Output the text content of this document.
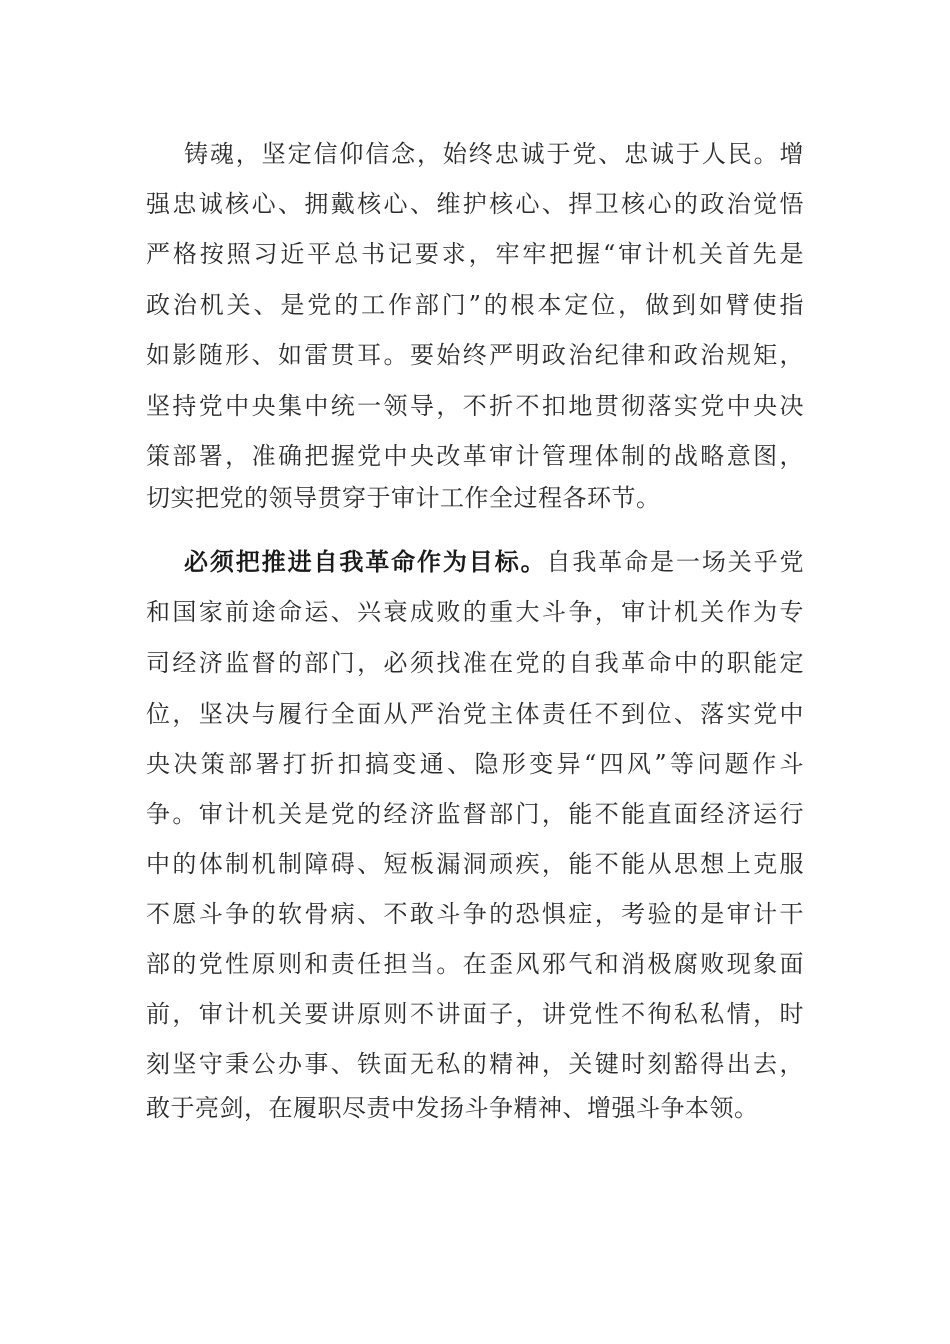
铸魂，坚定信仰信念，始终忠诚于党、忠诚于人民。增
强忠诚核心、拥戴核心、维护核心、捍卫核心的政治觉悟
严格按照习近平总书记要求，牢牢把握“审计机关首先是
政治机关、是党的工作部门”的根本定位，做到如臂使指
如影随形、如雷贯耳。要始终严明政治纪律和政治规矩，
坚持党中央集中统一领导，不折不扣地贯彻落实党中央决
策部署，准确把握党中央改革审计管理体制的战略意图，
切实把党的领导贯穿于审计工作全过程各环节。
必须把推进自我革命作为目标。自我革命是一场关乎党
和国家前途命运、兴衰成败的重大斗争，审计机关作为专
司经济监督的部门，必须找准在党的自我革命中的职能定
位，坚决与履行全面从严治党主体责任不到位、落实党中
央决策部署打折扣搞变通、隐形变异“四风”等问题作斗
争。审计机关是党的经济监督部门，能不能直面经济运行
中的体制机制障碍、短板漏洞顽疾，能不能从思想上克服
不愿斗争的软骨病、不敢斗争的恐惧症，考验的是审计干
部的党性原则和责任担当。在歪风邪气和消极腐败现象面
前，审计机关要讲原则不讲面子，讲党性不徇私私情，时
刻坚守秉公办事、铁面无私的精神，关键时刻豁得出去，
敢于亮剑，在履职尽责中发扬斗争精神、增强斗争本领。
